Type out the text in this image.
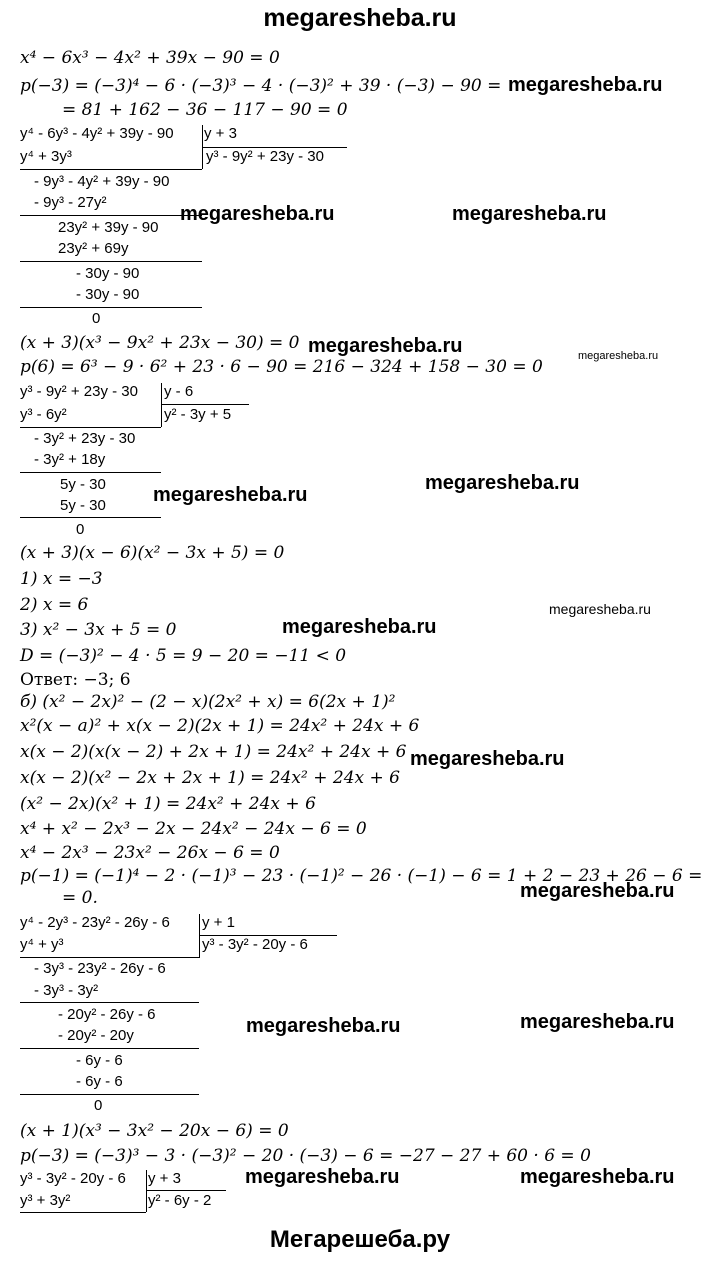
megaresheba.ru
Мегарешеба.ру
megaresheba.ru
megaresheba.ru	megaresheba.ru
megaresheba.ru	megaresheba.ru
megaresheba.ru
megaresheba.ru
megaresheba.ru
megaresheba.ru
megaresheba.ru
megaresheba.ru
megaresheba.ru	megaresheba.ru
megaresheba.ru	megaresheba.ru
x⁴ − 6x³ − 4x² + 39x − 90 = 0
p(−3) = (−3)⁴ − 6 · (−3)³ − 4 · (−3)² + 39 · (−3) − 90 =
= 81 + 162 − 36 − 117 − 90 = 0
y⁴ - 6y³ - 4y² + 39y - 90 y + 3
y³ - 9y² + 23y - 30
y⁴ + 3y³
- 9y³ - 4y² + 39y - 90
- 9y³ - 27y²
23y² + 39y - 90
23y² + 69y
- 30y - 90
- 30y - 90
0
(x + 3)(x³ − 9x² + 23x − 30) = 0
p(6) = 6³ − 9 · 6² + 23 · 6 − 90 = 216 − 324 + 158 − 30 = 0
y³ - 9y² + 23y - 30 y - 6
y² - 3y + 5
y³ - 6y²
- 3y² + 23y - 30
- 3y² + 18y
5y - 30
5y - 30
0
(x + 3)(x − 6)(x² − 3x + 5) = 0
1) x = −3
2) x = 6
3) x² − 3x + 5 = 0
D = (−3)² − 4 · 5 = 9 − 20 = −11 < 0
Ответ: −3; 6
б) (x² − 2x)² − (2 − x)(2x² + x) = 6(2x + 1)²
x²(x − a)² + x(x − 2)(2x + 1) = 24x² + 24x + 6
x(x − 2)(x(x − 2) + 2x + 1) = 24x² + 24x + 6
x(x − 2)(x² − 2x + 2x + 1) = 24x² + 24x + 6
(x² − 2x)(x² + 1) = 24x² + 24x + 6
x⁴ + x² − 2x³ − 2x − 24x² − 24x − 6 = 0
x⁴ − 2x³ − 23x² − 26x − 6 = 0
p(−1) = (−1)⁴ − 2 · (−1)³ − 23 · (−1)² − 26 · (−1) − 6 = 1 + 2 − 23 + 26 − 6 =
= 0.
y⁴ - 2y³ - 23y² - 26y - 6 y + 1
y³ - 3y² - 20y - 6
y⁴ + y³
- 3y³ - 23y² - 26y - 6
- 3y³ - 3y²
- 20y² - 26y - 6
- 20y² - 20y
- 6y - 6
- 6y - 6
0
(x + 1)(x³ − 3x² − 20x − 6) = 0
p(−3) = (−3)³ − 3 · (−3)² − 20 · (−3) − 6 = −27 − 27 + 60 · 6 = 0
y³ - 3y² - 20y - 6 y + 3
y² - 6y - 2
y³ + 3y²
